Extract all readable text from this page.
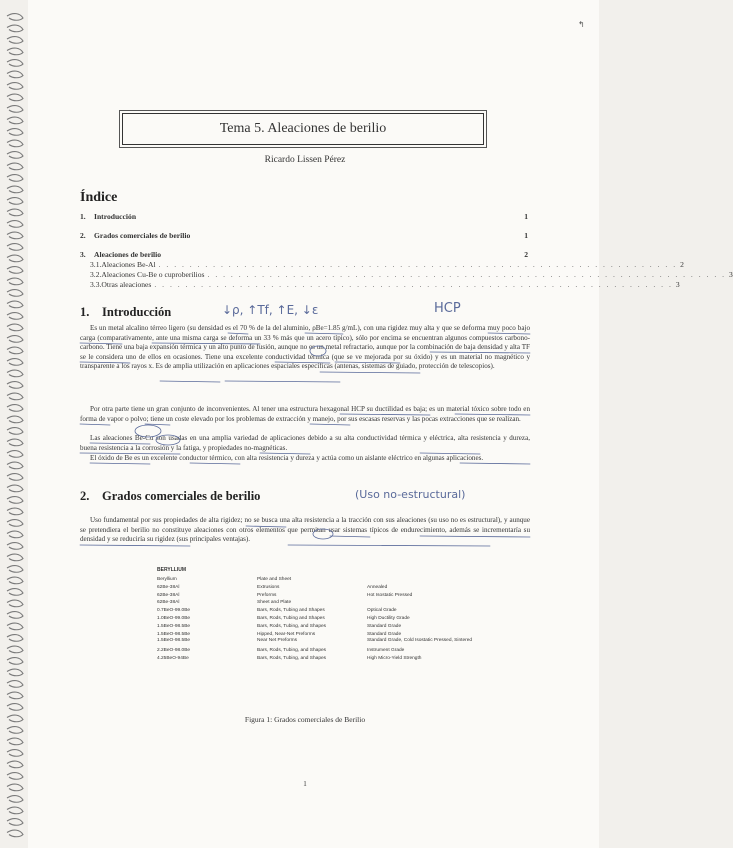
↰
Tema 5. Aleaciones de berilio
Ricardo Lissen Pérez
Índice
1.	Introducción	1
2.	Grados comerciales de berilio	1
3.	Aleaciones de berilio	2
3.1. Aleaciones Be-Al . . . . . . . . . . . . . . . . . . . . . . . . . . . . . . . . . . . . . . . . . . . . . . . . . . . . . . . . . . . . . . . . . . . 2
3.2. Aleaciones Cu-Be o cuproberilios . . . . . . . . . . . . . . . . . . . . . . . . . . . . . . . . . . . . . . . . . . . . . . . . . . . . . . . . . . . . . . . . . . . 3
3.3. Otras aleaciones . . . . . . . . . . . . . . . . . . . . . . . . . . . . . . . . . . . . . . . . . . . . . . . . . . . . . . . . . . . . . . . . . . . 3
1. Introducción	↓ρ, ↑Tf, ↑E, ↓ε	HCP
Es un metal alcalino térreo ligero (su densidad es el 70 % de la del aluminio, ρBe=1.85 g/mL), con una rigidez muy alta y que se deforma muy poco bajo carga (comparativamente, ante una misma carga se deforma un 33 % más que un acero típico), sólo por encima se encuentran algunos compuestos carbono-carbono. Tiene una baja expansión térmica y un alto punto de fusión, aunque no es un metal refractario, aunque por la combinación de baja densidad y alta TF se le considera uno de ellos en ocasiones. Tiene una excelente conductividad térmica (que se ve mejorada por su óxido) y es un material no magnético y transparente a los rayos x. Es de amplia utilización en aplicaciones espaciales específicas (antenas, sistemas de guiado, protección de telescopios).
Por otra parte tiene un gran conjunto de inconvenientes. Al tener una estructura hexagonal HCP su ductilidad es baja; es un material tóxico sobre todo en forma de vapor o polvo; tiene un coste elevado por los problemas de extracción y manejo, por sus escasas reservas y las pocas extracciones que se realizan.
Las aleaciones Be-Cu son usadas en una amplia variedad de aplicaciones debido a su alta conductividad térmica y eléctrica, alta resistencia y dureza, buena resistencia a la corrosión y la fatiga, y propiedades no-magnéticas.
El óxido de Be es un excelente conductor térmico, con alta resistencia y dureza y actúa como un aislante eléctrico en algunas aplicaciones.
2. Grados comerciales de berilio	(Uso no-estructural)
Uso fundamental por sus propiedades de alta rigidez; no se busca una alta resistencia a la tracción con sus aleaciones (su uso no es estructural), y aunque se pretendiera el berilio no constituye aleaciones con otros elementos que permitan usar sistemas típicos de endurecimiento, además se incrementaría su densidad y se reduciría su rigidez (sus principales ventajas).
BERYLLIUM
Beryllium	Plate and Sheet
62Be-38Al	Extrusions	Annealed
62Be-38Al	Preforms	Hot Isostatic Pressed
62Be-38Al	Sheet and Plate
0.7BeO-99.0Be	Bars, Rods, Tubing and Shapes	Optical Grade
1.0BeO-99.0Be	Bars, Rods, Tubing and Shapes	High Ductility Grade
1.5BeO-98.5Be	Bars, Rods, Tubing, and Shapes	Standard Grade
1.5BeO-98.5Be	Hipped, Near-Net Preforms	Standard Grade
1.5BeO-98.5Be	Near Net Preforms	Standard Grade, Cold Isostatic Pressed, Sintered
2.2BeO-98.0Be	Bars, Rods, Tubing, and Shapes	Instrument Grade
4.25BeO-94Be	Bars, Rods, Tubing, and Shapes	High Micro-Yield Strength
Figura 1: Grados comerciales de Berilio
1
